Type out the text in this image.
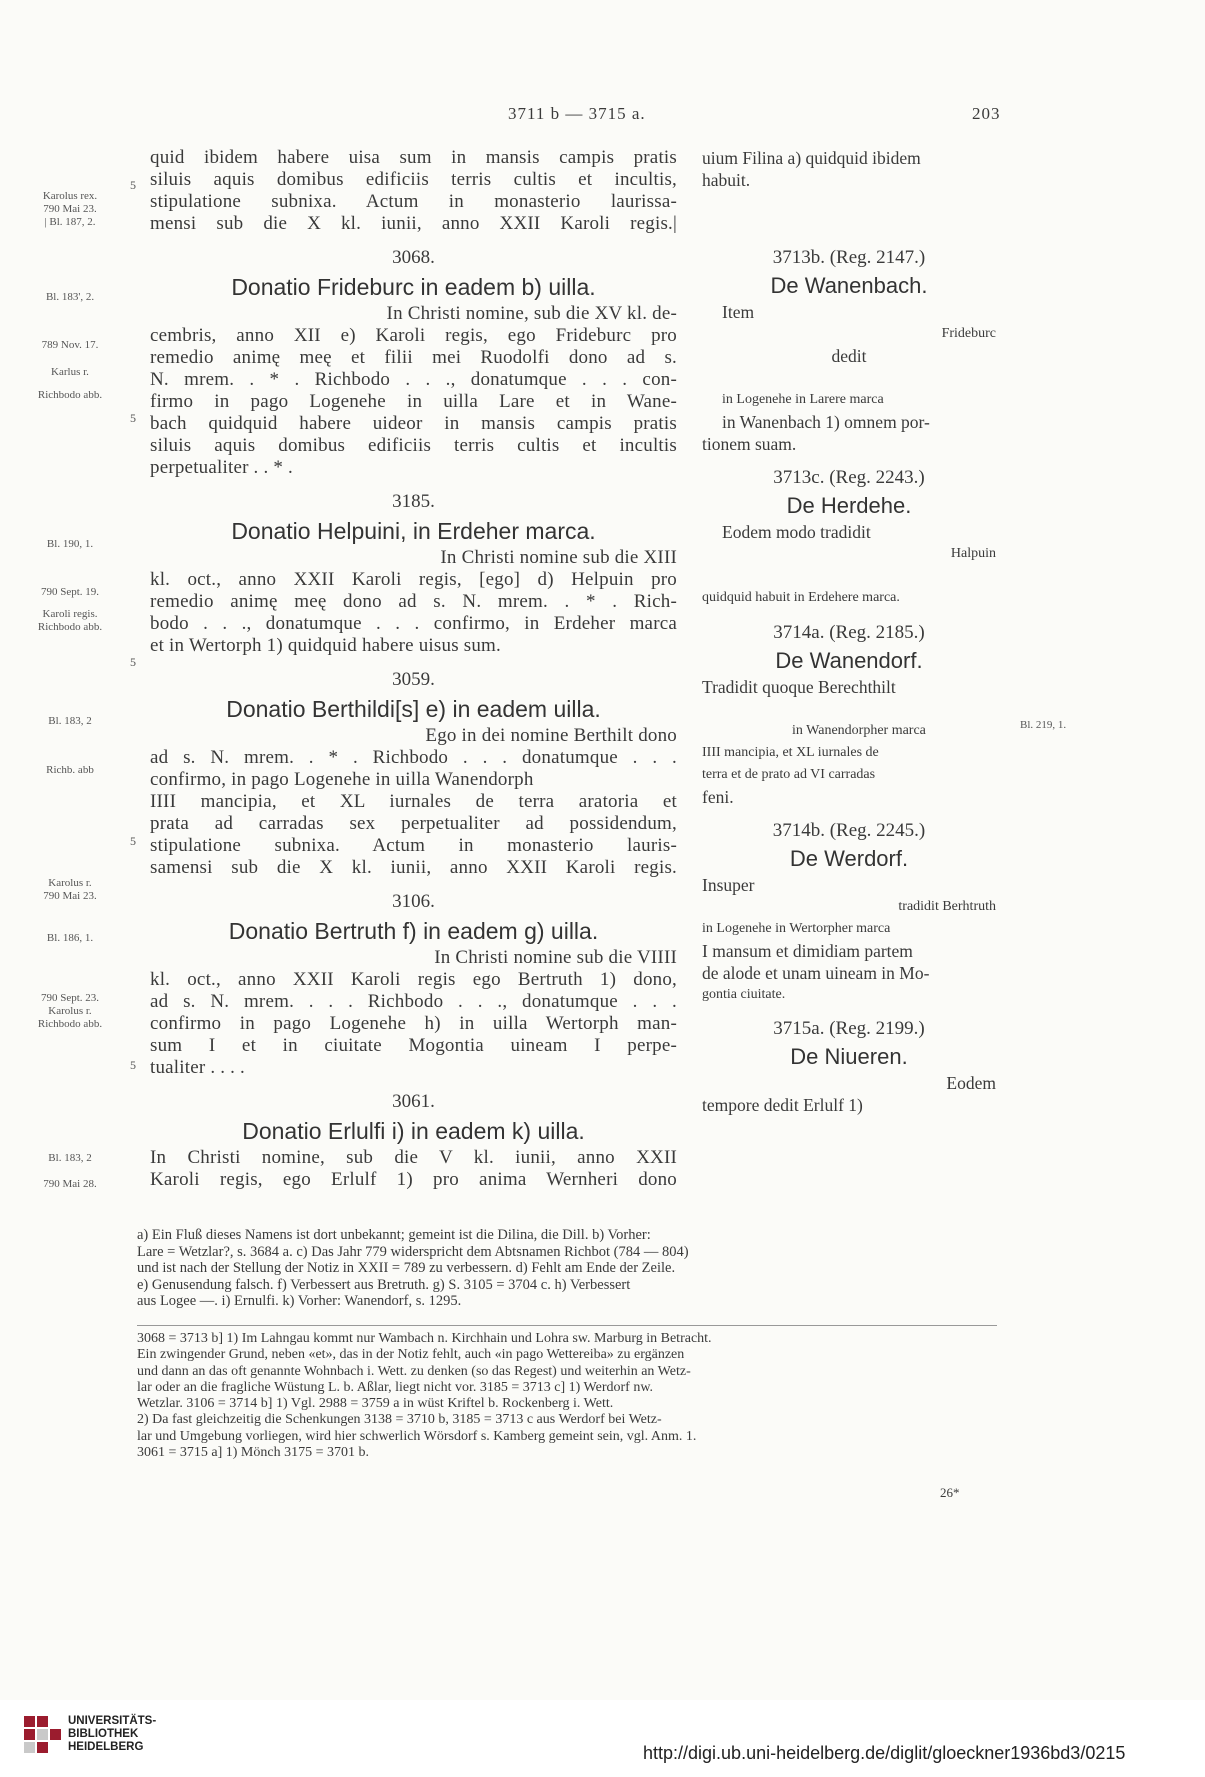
3711 b — 3715 a.	203
Karolus rex.
790 Mai 23.
| Bl. 187, 2.
Bl. 183', 2.
789 Nov. 17.
Karlus r.
Richbodo abb.
Bl. 190, 1.
790 Sept. 19.
Karoli regis.
Richbodo abb.
Bl. 183, 2
Richb. abb
Karolus r.
790 Mai 23.
Bl. 186, 1.
790 Sept. 23.
Karolus r.
Richbodo abb.
Bl. 183, 2
790 Mai 28.
Bl. 219, 1.
5
5
5
5
5
quid ibidem habere uisa sum in mansis campis pratis
siluis aquis domibus edificiis terris cultis et incultis,
stipulatione subnixa. Actum in monasterio laurissa-
mensi sub die X kl. iunii, anno XXII Karoli regis.|
3068.
Donatio Frideburc in eadem b) uilla.
In Christi nomine, sub die XV kl. de-
cembris, anno XII e) Karoli regis, ego Frideburc pro
remedio animę meę et filii mei Ruodolfi dono ad s.
N. mrem. . * . Richbodo . . ., donatumque . . . con-
firmo in pago Logenehe in uilla Lare et in Wane-
bach quidquid habere uideor in mansis campis pratis
siluis aquis domibus edificiis terris cultis et incultis
perpetualiter . . * .
3185.
Donatio Helpuini, in Erdeher marca.
In Christi nomine sub die XIII
kl. oct., anno XXII Karoli regis, [ego] d) Helpuin pro
remedio animę meę dono ad s. N. mrem. . * . Rich-
bodo . . ., donatumque . . . confirmo, in Erdeher marca
et in Wertorph 1) quidquid habere uisus sum.
3059.
Donatio Berthildi[s] e) in eadem uilla.
Ego in dei nomine Berthilt dono
ad s. N. mrem. . * . Richbodo . . . donatumque . . .
confirmo, in pago Logenehe in uilla Wanendorph
IIII mancipia, et XL iurnales de terra aratoria et
prata ad carradas sex perpetualiter ad possidendum,
stipulatione subnixa. Actum in monasterio lauris-
samensi sub die X kl. iunii, anno XXII Karoli regis.
3106.
Donatio Bertruth f) in eadem g) uilla.
In Christi nomine sub die VIIII
kl. oct., anno XXII Karoli regis ego Bertruth 1) dono,
ad s. N. mrem. . . . Richbodo . . ., donatumque . . .
confirmo in pago Logenehe h) in uilla Wertorph man-
sum I et in ciuitate Mogontia uineam I perpe-
tualiter . . . .
3061.
Donatio Erlulfi i) in eadem k) uilla.
In Christi nomine, sub die V kl. iunii, anno XXII
Karoli regis, ego Erlulf 1) pro anima Wernheri dono
uium Filina a) quidquid ibidem
habuit.
3713b. (Reg. 2147.)
De Wanenbach.
Item
Frideburc
dedit
in Logenehe in Larere marca
in Wanenbach 1) omnem por-
tionem suam.
3713c. (Reg. 2243.)
De Herdehe.
Eodem modo tradidit
Halpuin
quidquid habuit in Erdehere marca.
3714a. (Reg. 2185.)
De Wanendorf.
Tradidit quoque Berechthilt
in Wanendorpher marca
IIII mancipia, et XL iurnales de
terra et de prato ad VI carradas
feni.
3714b. (Reg. 2245.)
De Werdorf.
Insuper
tradidit Berhtruth
in Logenehe in Wertorpher marca
I mansum et dimidiam partem
de alode et unam uineam in Mo-
gontia ciuitate.
3715a. (Reg. 2199.)
De Niueren.
Eodem
tempore dedit Erlulf 1)
a) Ein Fluß dieses Namens ist dort unbekannt; gemeint ist die Dilina, die Dill. b) Vorher:
Lare = Wetzlar?, s. 3684 a. c) Das Jahr 779 widerspricht dem Abtsnamen Richbot (784 — 804)
und ist nach der Stellung der Notiz in XXII = 789 zu verbessern. d) Fehlt am Ende der Zeile.
e) Genusendung falsch. f) Verbessert aus Bretruth. g) S. 3105 = 3704 c. h) Verbessert
aus Logee —. i) Ernulfi. k) Vorher: Wanendorf, s. 1295.
3068 = 3713 b] 1) Im Lahngau kommt nur Wambach n. Kirchhain und Lohra sw. Marburg in Betracht.
Ein zwingender Grund, neben «et», das in der Notiz fehlt, auch «in pago Wettereiba» zu ergänzen
und dann an das oft genannte Wohnbach i. Wett. zu denken (so das Regest) und weiterhin an Wetz-
lar oder an die fragliche Wüstung L. b. Aßlar, liegt nicht vor. 3185 = 3713 c] 1) Werdorf nw.
Wetzlar. 3106 = 3714 b] 1) Vgl. 2988 = 3759 a in wüst Kriftel b. Rockenberg i. Wett.
2) Da fast gleichzeitig die Schenkungen 3138 = 3710 b, 3185 = 3713 c aus Werdorf bei Wetz-
lar und Umgebung vorliegen, wird hier schwerlich Wörsdorf s. Kamberg gemeint sein, vgl. Anm. 1.
3061 = 3715 a] 1) Mönch 3175 = 3701 b.
26*
UNIVERSITÄTS-
BIBLIOTHEK
HEIDELBERG	http://digi.ub.uni-heidelberg.de/diglit/gloeckner1936bd3/0215
